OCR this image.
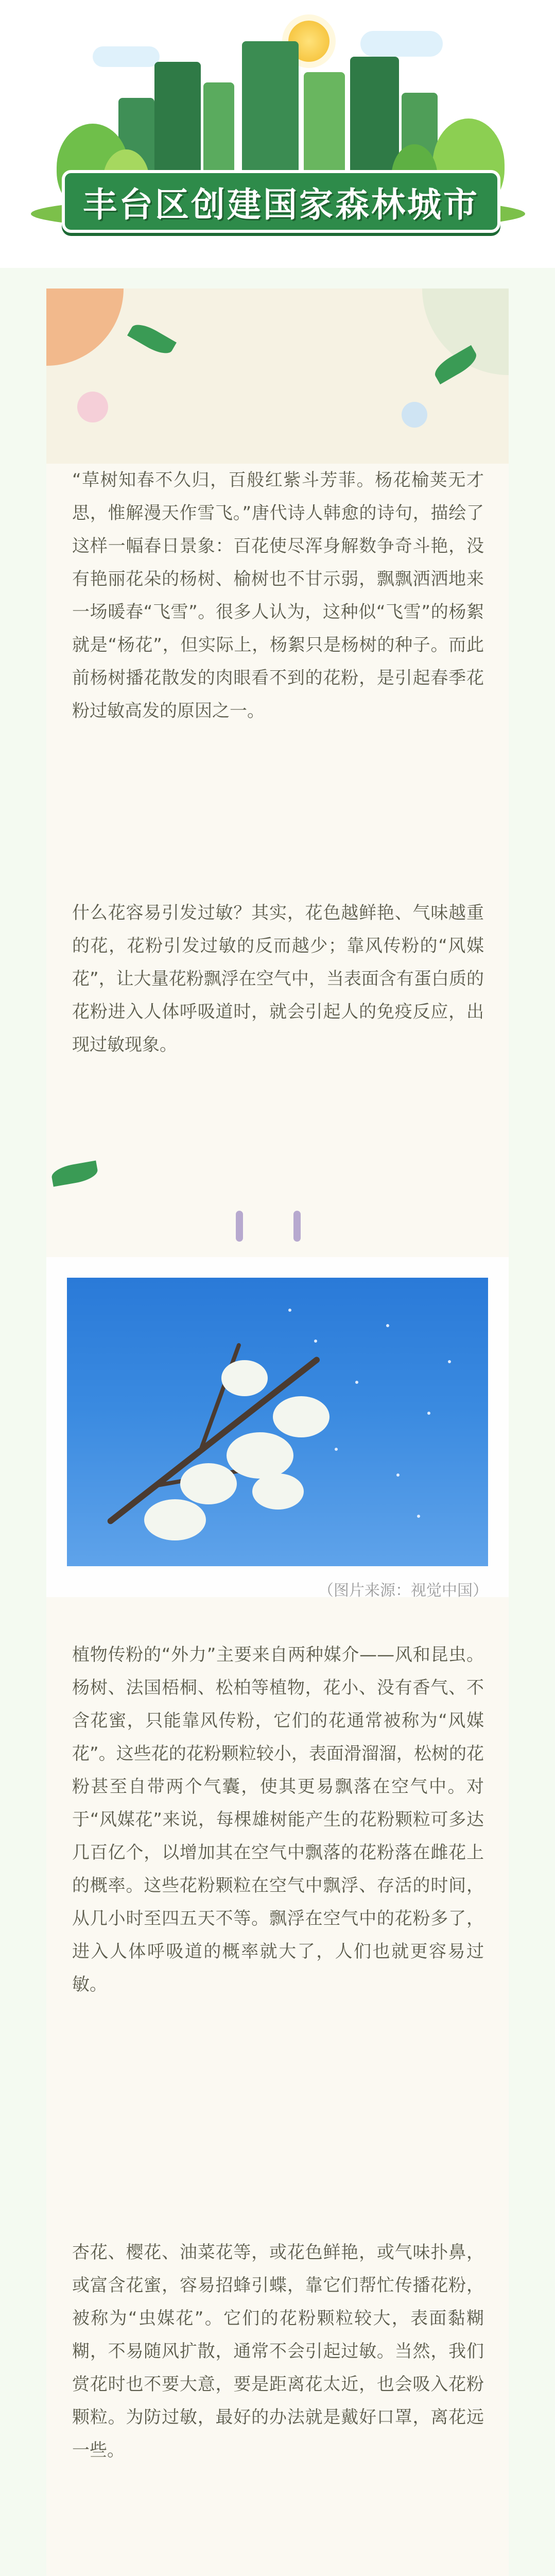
丰台区创建国家森林城市

“草树知春不久归，百般红紫斗芳菲。杨花榆荚无才思，惟解漫天作雪飞。”唐代诗人韩愈的诗句，描绘了这样一幅春日景象：百花使尽浑身解数争奇斗艳，没有艳丽花朵的杨树、榆树也不甘示弱，飘飘洒洒地来一场暖春“飞雪”。很多人认为，这种似“飞雪”的杨絮就是“杨花”，但实际上，杨絮只是杨树的种子。而此前杨树播花散发的肉眼看不到的花粉，是引起春季花粉过敏高发的原因之一。

什么花容易引发过敏？其实，花色越鲜艳、气味越重的花，花粉引发过敏的反而越少；靠风传粉的“风媒花”，让大量花粉飘浮在空气中，当表面含有蛋白质的花粉进入人体呼吸道时，就会引起人的免疫反应，出现过敏现象。

（图片来源：视觉中国）

植物传粉的“外力”主要来自两种媒介——风和昆虫。杨树、法国梧桐、松柏等植物，花小、没有香气、不含花蜜，只能靠风传粉，它们的花通常被称为“风媒花”。这些花的花粉颗粒较小，表面滑溜溜，松树的花粉甚至自带两个气囊，使其更易飘落在空气中。对于“风媒花”来说，每棵雄树能产生的花粉颗粒可多达几百亿个，以增加其在空气中飘落的花粉落在雌花上的概率。这些花粉颗粒在空气中飘浮、存活的时间，从几小时至四五天不等。飘浮在空气中的花粉多了，进入人体呼吸道的概率就大了，人们也就更容易过敏。

杏花、樱花、油菜花等，或花色鲜艳，或气味扑鼻，或富含花蜜，容易招蜂引蝶，靠它们帮忙传播花粉，被称为“虫媒花”。它们的花粉颗粒较大，表面黏糊糊，不易随风扩散，通常不会引起过敏。当然，我们赏花时也不要大意，要是距离花太近，也会吸入花粉颗粒。为防过敏，最好的办法就是戴好口罩，离花远一些。
